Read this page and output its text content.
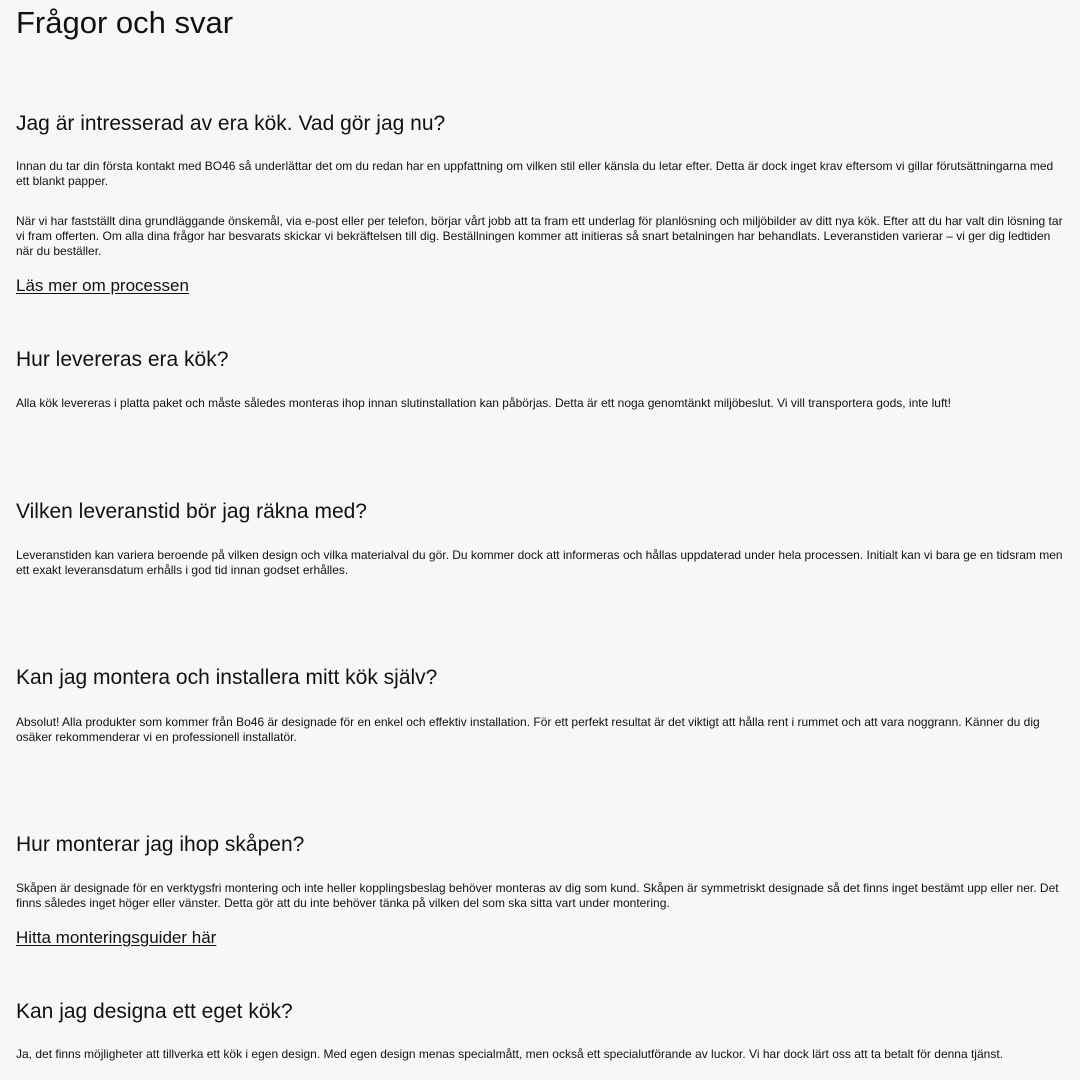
Frågor och svar
Jag är intresserad av era kök. Vad gör jag nu?

Innan du tar din första kontakt med BO46 så underlättar det om du redan har en uppfattning om vilken stil eller känsla du letar efter. Detta är dock inget krav eftersom vi gillar förutsättningarna med ett blankt papper.

När vi har fastställt dina grundläggande önskemål, via e-post eller per telefon, börjar vårt jobb att ta fram ett underlag för planlösning och miljöbilder av ditt nya kök. Efter att du har valt din lösning tar vi fram offerten. Om alla dina frågor har besvarats skickar vi bekräftelsen till dig. Beställningen kommer att initieras så snart betalningen har behandlats. Leveranstiden varierar – vi ger dig ledtiden när du beställer.

Läs mer om processen
Hur levereras era kök?

Alla kök levereras i platta paket och måste således monteras ihop innan slutinstallation kan påbörjas. Detta är ett noga genomtänkt miljöbeslut. Vi vill transportera gods, inte luft!

Vilken leveranstid bör jag räkna med?

Leveranstiden kan variera beroende på vilken design och vilka materialval du gör. Du kommer dock att informeras och hållas uppdaterad under hela processen. Initialt kan vi bara ge en tidsram men ett exakt leveransdatum erhålls i god tid innan godset erhålles.

Kan jag montera och installera mitt kök själv?

Absolut! Alla produkter som kommer från Bo46 är designade för en enkel och effektiv installation. För ett perfekt resultat är det viktigt att hålla rent i rummet och att vara noggrann. Känner du dig osäker rekommenderar vi en professionell installatör.

Hur monterar jag ihop skåpen?

Skåpen är designade för en verktygsfri montering och inte heller kopplingsbeslag behöver monteras av dig som kund. Skåpen är symmetriskt designade så det finns inget bestämt upp eller ner. Det finns således inget höger eller vänster. Detta gör att du inte behöver tänka på vilken del som ska sitta vart under montering.

Hitta monteringsguider här
Kan jag designa ett eget kök?

Ja, det finns möjligheter att tillverka ett kök i egen design. Med egen design menas specialmått, men också ett specialutförande av luckor. Vi har dock lärt oss att ta betalt för denna tjänst.
